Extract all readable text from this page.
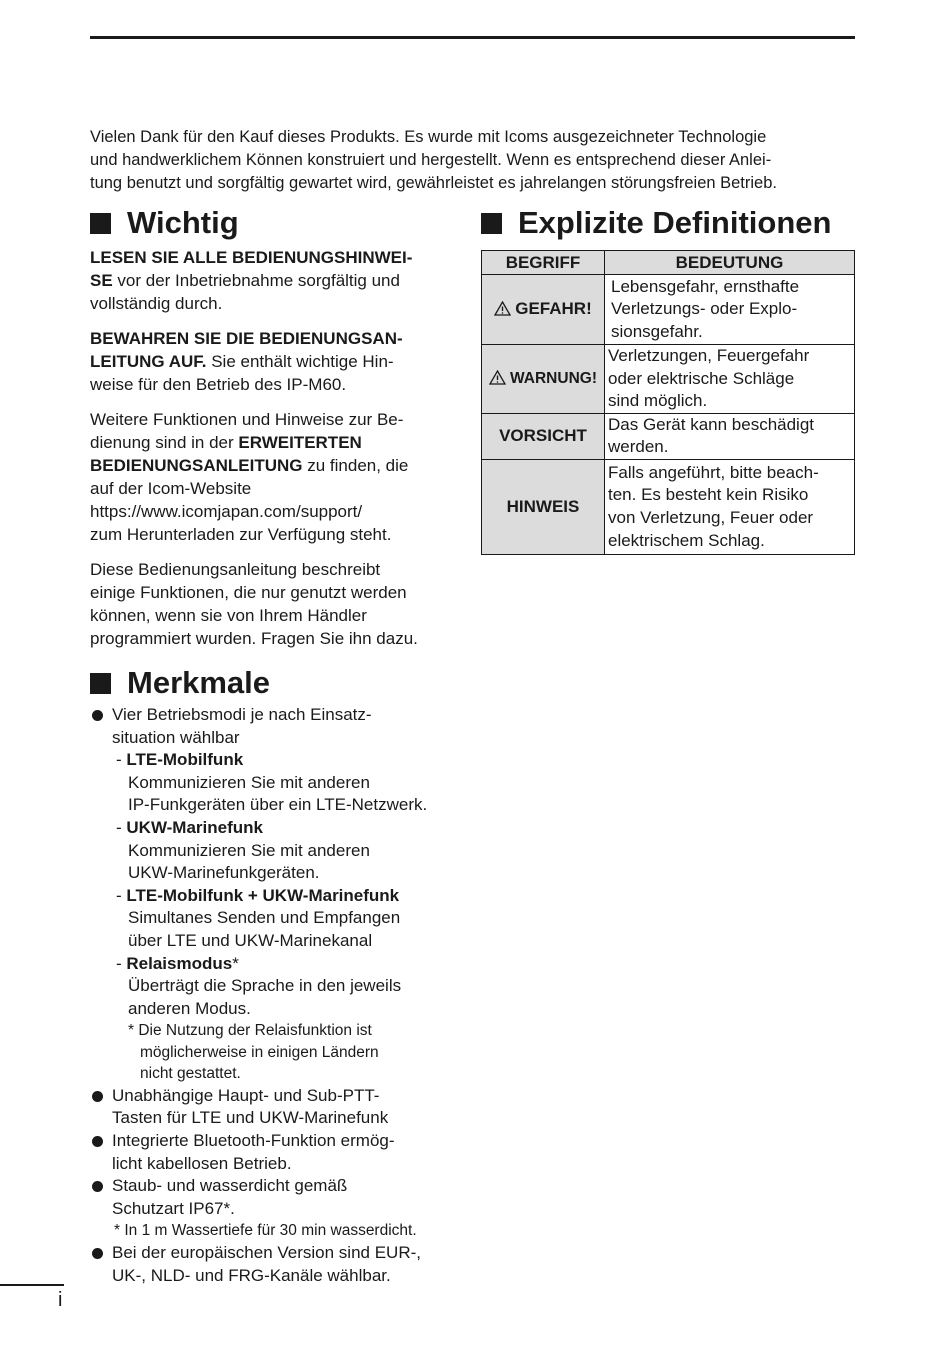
Vielen Dank für den Kauf dieses Produkts. Es wurde mit Icoms ausgezeichneter Technologie
und handwerklichem Können konstruiert und hergestellt. Wenn es entsprechend dieser Anlei-
tung benutzt und sorgfältig gewartet wird, gewährleistet es jahrelangen störungsfreien Betrieb.
Wichtig
LESEN SIE ALLE BEDIENUNGSHINWEI-
SE vor der Inbetriebnahme sorgfältig und
vollständig durch.
BEWAHREN SIE DIE BEDIENUNGSAN-
LEITUNG AUF. Sie enthält wichtige Hin-
weise für den Betrieb des IP-M60.
Weitere Funktionen und Hinweise zur Be-
dienung sind in der ERWEITERTEN
BEDIENUNGSANLEITUNG zu finden, die
auf der Icom-Website
https://www.icomjapan.com/support/
zum Herunterladen zur Verfügung steht.
Diese Bedienungsanleitung beschreibt
einige Funktionen, die nur genutzt werden
können, wenn sie von Ihrem Händler
programmiert wurden. Fragen Sie ihn dazu.
Merkmale
Vier Betriebsmodi je nach Einsatz-
situation wählbar
- LTE-Mobilfunk
Kommunizieren Sie mit anderen
IP-Funkgeräten über ein LTE-Netzwerk.
- UKW-Marinefunk
Kommunizieren Sie mit anderen
UKW-Marinefunkgeräten.
- LTE-Mobilfunk + UKW-Marinefunk
Simultanes Senden und Empfangen
über LTE und UKW-Marinekanal
- Relaismodus*
Überträgt die Sprache in den jeweils
anderen Modus.
* Die Nutzung der Relaisfunktion ist
möglicherweise in einigen Ländern
nicht gestattet.
Unabhängige Haupt- und Sub-PTT-
Tasten für LTE und UKW-Marinefunk
Integrierte Bluetooth-Funktion ermög-
licht kabellosen Betrieb.
Staub- und wasserdicht gemäß
Schutzart IP67*.
* In 1 m Wassertiefe für 30 min wasserdicht.
Bei der europäischen Version sind EUR-,
UK-, NLD- und FRG-Kanäle wählbar.
Explizite Definitionen
BEGRIFF	BEDEUTUNG
GEFAHR!	Lebensgefahr, ernsthafte
Verletzungs- oder Explo-
sionsgefahr.

WARNUNG!	Verletzungen, Feuergefahr
oder elektrische Schläge
sind möglich.

VORSICHT	Das Gerät kann beschädigt
werden.

HINWEIS	Falls angeführt, bitte beach-
ten. Es besteht kein Risiko
von Verletzung, Feuer oder
elektrischem Schlag.
i
